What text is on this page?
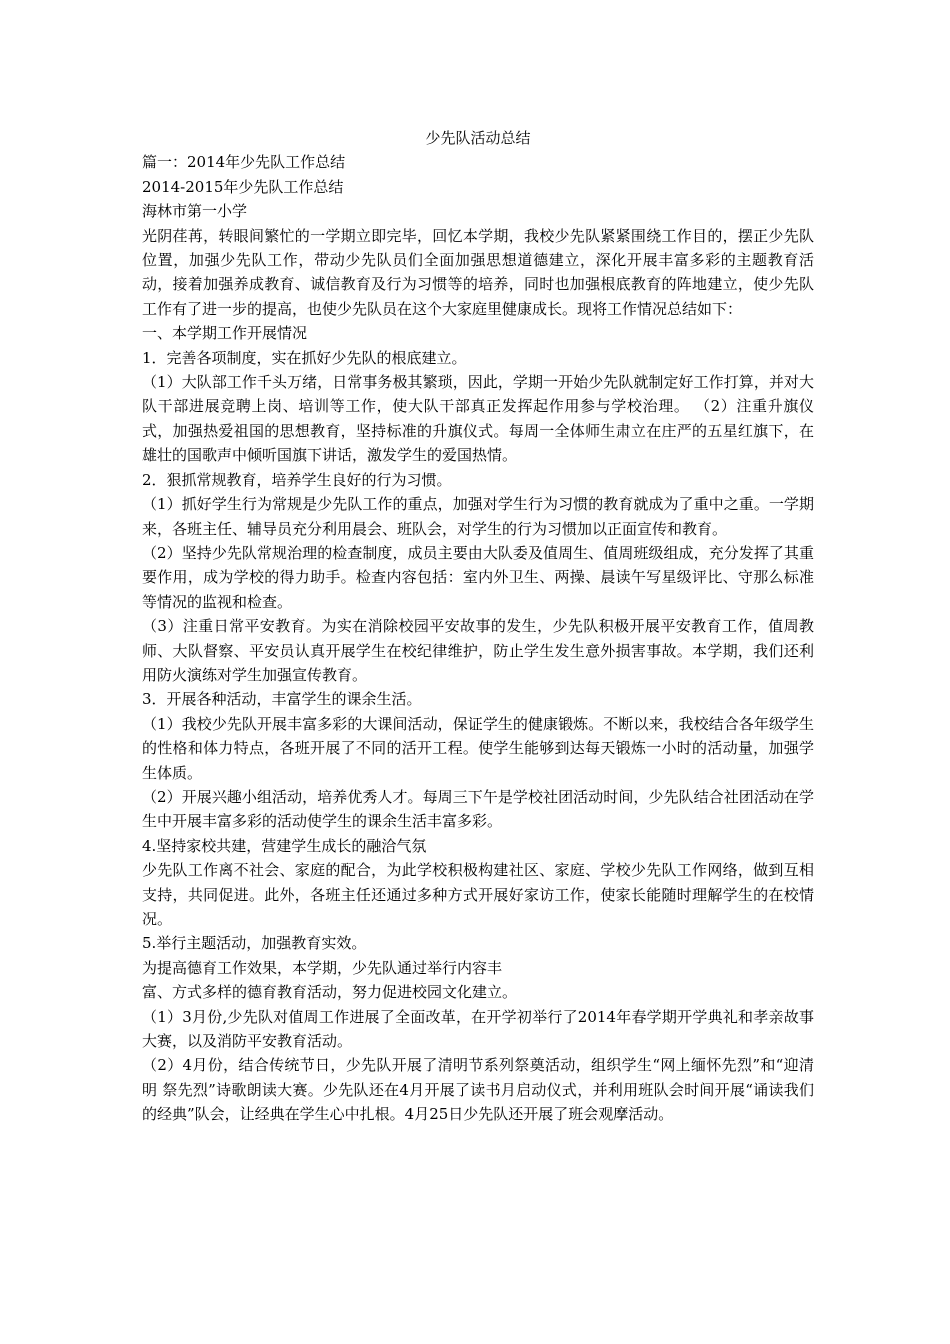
少先队活动总结

篇一：2014年少先队工作总结

2014-2015年少先队工作总结

海林市第一小学

光阴荏苒，转眼间繁忙的一学期立即完毕，回忆本学期，我校少先队紧紧围绕工作目的，摆正少先队位置，加强少先队工作，带动少先队员们全面加强思想道德建立，深化开展丰富多彩的主题教育活动，接着加强养成教育、诚信教育及行为习惯等的培养，同时也加强根底教育的阵地建立，使少先队工作有了进一步的提高，也使少先队员在这个大家庭里健康成长。现将工作情况总结如下：

一、本学期工作开展情况

1．完善各项制度，实在抓好少先队的根底建立。

（1）大队部工作千头万绪，日常事务极其繁琐，因此，学期一开始少先队就制定好工作打算，并对大队干部进展竞聘上岗、培训等工作，使大队干部真正发挥起作用参与学校治理。 （2）注重升旗仪式，加强热爱祖国的思想教育，坚持标准的升旗仪式。每周一全体师生肃立在庄严的五星红旗下，在雄壮的国歌声中倾听国旗下讲话，激发学生的爱国热情。

2．狠抓常规教育，培养学生良好的行为习惯。

（1）抓好学生行为常规是少先队工作的重点，加强对学生行为习惯的教育就成为了重中之重。一学期来，各班主任、辅导员充分利用晨会、班队会，对学生的行为习惯加以正面宣传和教育。

（2）坚持少先队常规治理的检查制度，成员主要由大队委及值周生、值周班级组成，充分发挥了其重要作用，成为学校的得力助手。检查内容包括：室内外卫生、两操、晨读午写星级评比、守那么标准等情况的监视和检查。

（3）注重日常平安教育。为实在消除校园平安故事的发生，少先队积极开展平安教育工作，值周教师、大队督察、平安员认真开展学生在校纪律维护，防止学生发生意外损害事故。本学期，我们还利用防火演练对学生加强宣传教育。

3．开展各种活动，丰富学生的课余生活。

（1）我校少先队开展丰富多彩的大课间活动，保证学生的健康锻炼。不断以来，我校结合各年级学生的性格和体力特点，各班开展了不同的活开工程。使学生能够到达每天锻炼一小时的活动量，加强学生体质。

（2）开展兴趣小组活动，培养优秀人才。每周三下午是学校社团活动时间，少先队结合社团活动在学生中开展丰富多彩的活动使学生的课余生活丰富多彩。

4.坚持家校共建，营建学生成长的融洽气氛

少先队工作离不社会、家庭的配合，为此学校积极构建社区、家庭、学校少先队工作网络，做到互相支持，共同促进。此外，各班主任还通过多种方式开展好家访工作，使家长能随时理解学生的在校情况。

5.举行主题活动，加强教育实效。

为提高德育工作效果，本学期，少先队通过举行内容丰

富、方式多样的德育教育活动，努力促进校园文化建立。

（1）3月份,少先队对值周工作进展了全面改革，在开学初举行了2014年春学期开学典礼和孝亲故事大赛，以及消防平安教育活动。

（2）4月份，结合传统节日，少先队开展了清明节系列祭奠活动，组织学生“网上缅怀先烈”和“迎清明 祭先烈”诗歌朗读大赛。少先队还在4月开展了读书月启动仪式，并利用班队会时间开展“诵读我们的经典”队会，让经典在学生心中扎根。4月25日少先队还开展了班会观摩活动。
